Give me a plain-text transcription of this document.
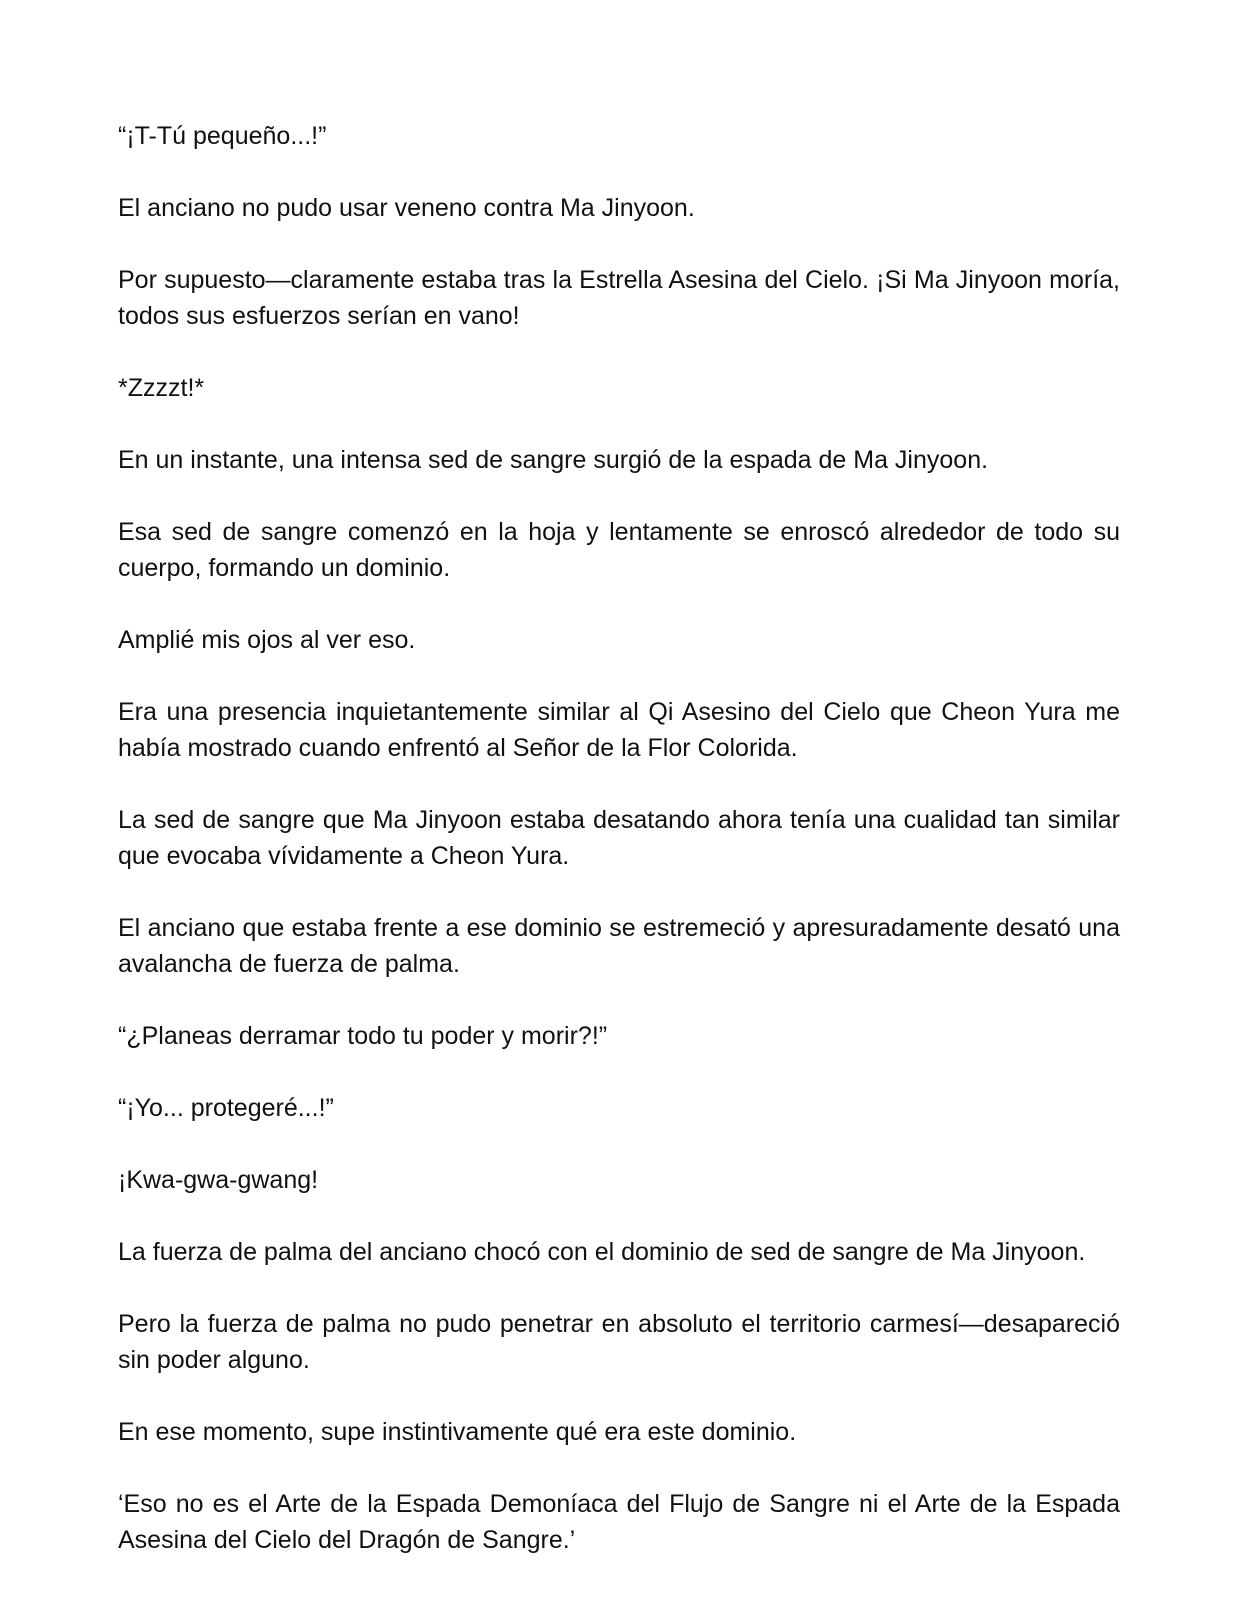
“¡T-Tú pequeño...!”

El anciano no pudo usar veneno contra Ma Jinyoon.

Por supuesto—claramente estaba tras la Estrella Asesina del Cielo. ¡Si Ma Jinyoon moría, todos sus esfuerzos serían en vano!

*Zzzzt!*

En un instante, una intensa sed de sangre surgió de la espada de Ma Jinyoon.

Esa sed de sangre comenzó en la hoja y lentamente se enroscó alrededor de todo su cuerpo, formando un dominio.

Amplié mis ojos al ver eso.

Era una presencia inquietantemente similar al Qi Asesino del Cielo que Cheon Yura me había mostrado cuando enfrentó al Señor de la Flor Colorida.

La sed de sangre que Ma Jinyoon estaba desatando ahora tenía una cualidad tan similar que evocaba vívidamente a Cheon Yura.

El anciano que estaba frente a ese dominio se estremeció y apresuradamente desató una avalancha de fuerza de palma.

“¿Planeas derramar todo tu poder y morir?!”

“¡Yo... protegeré...!”

¡Kwa-gwa-gwang!

La fuerza de palma del anciano chocó con el dominio de sed de sangre de Ma Jinyoon.

Pero la fuerza de palma no pudo penetrar en absoluto el territorio carmesí—desapareció sin poder alguno.

En ese momento, supe instintivamente qué era este dominio.

‘Eso no es el Arte de la Espada Demoníaca del Flujo de Sangre ni el Arte de la Espada Asesina del Cielo del Dragón de Sangre.’
